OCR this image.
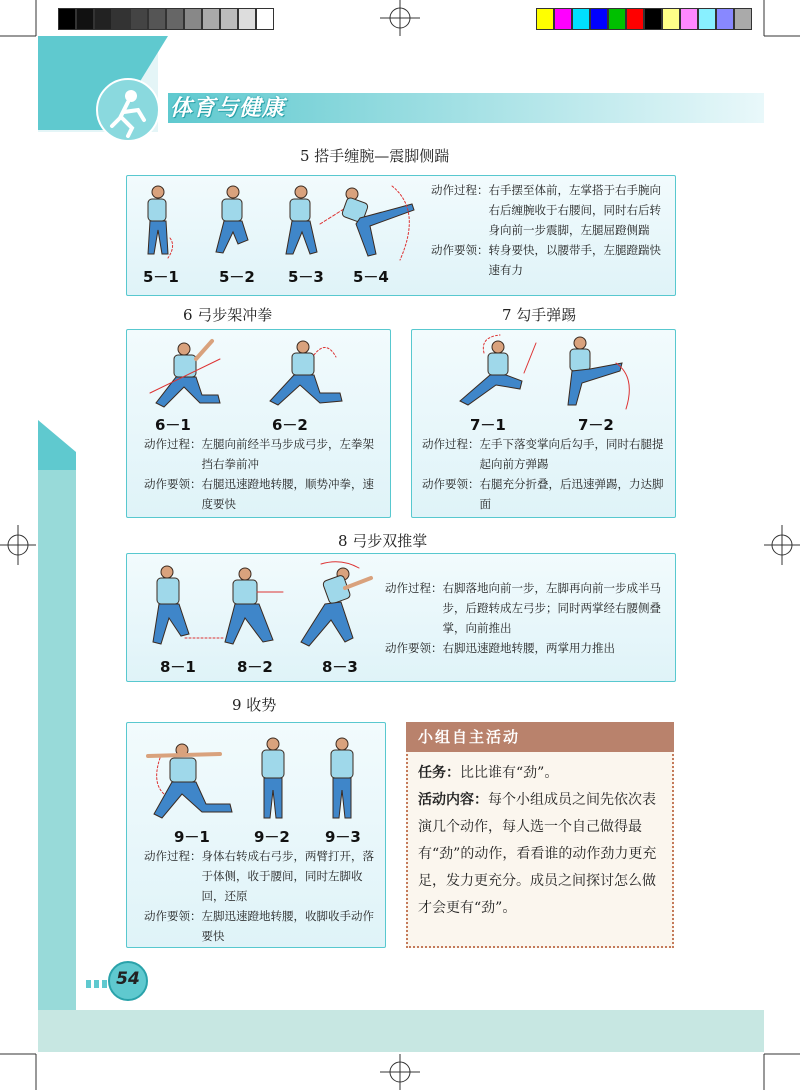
体育与健康
5 搭手缠腕—震脚侧踹
5－1	5－2 5－3 5－4
动作过程： 右手摆至体前，左掌搭于右手腕向右后缠腕收于右腰间，同时右后转身向前一步震脚，左腿屈蹬侧踹
动作要领： 转身要快，以腰带手，左腿蹬踹快速有力
6 弓步架冲拳
6－1	6－2
动作过程： 左腿向前经半马步成弓步，左拳架挡右拳前冲
动作要领： 右腿迅速蹬地转腰，顺势冲拳，速度要快
7 勾手弹踢
7－1	7－2
动作过程： 左手下落变掌向后勾手，同时右腿提起向前方弹踢
动作要领： 右腿充分折叠，后迅速弹踢，力达脚面
8 弓步双推掌
8－1	8－2	8－3
动作过程： 右脚落地向前一步，左脚再向前一步成半马步，后蹬转成左弓步；同时两掌经右腰侧叠掌，向前推出
动作要领： 右脚迅速蹬地转腰，两掌用力推出
9 收势
9－1	9－2 9－3
动作过程： 身体右转成右弓步，两臂打开，落于体侧，收于腰间，同时左脚收回，还原
动作要领： 左脚迅速蹬地转腰，收脚收手动作要快
小组自主活动
任务：比比谁有“劲”。
活动内容：每个小组成员之间先依次表演几个动作，每人选一个自己做得最有“劲”的动作，看看谁的动作劲力更充足，发力更充分。成员之间探讨怎么做才会更有“劲”。
54
